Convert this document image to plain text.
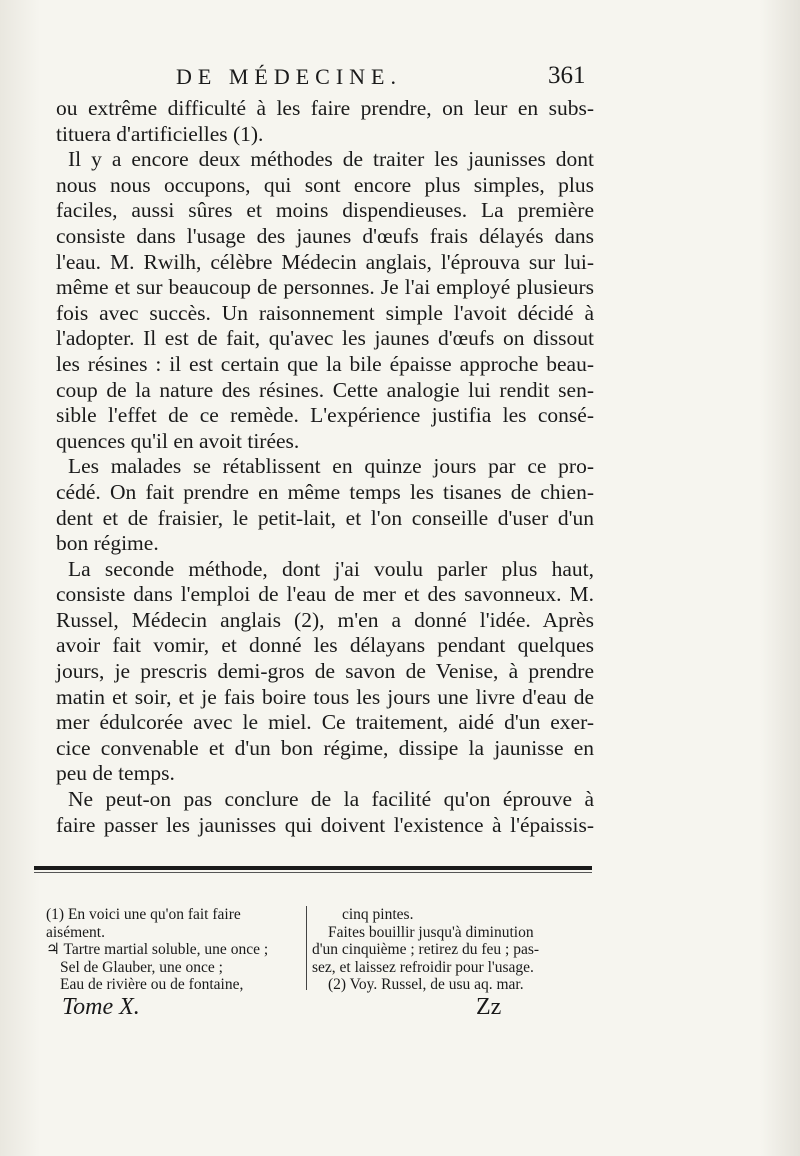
DE MÉDECINE.	361
ou extrême difficulté à les faire prendre, on leur en subs-
tituera d'artificielles (1).
Il y a encore deux méthodes de traiter les jaunisses dont
nous nous occupons, qui sont encore plus simples, plus
faciles, aussi sûres et moins dispendieuses. La première
consiste dans l'usage des jaunes d'œufs frais délayés dans
l'eau. M. Rwilh, célèbre Médecin anglais, l'éprouva sur lui-
même et sur beaucoup de personnes. Je l'ai employé plusieurs
fois avec succès. Un raisonnement simple l'avoit décidé à
l'adopter. Il est de fait, qu'avec les jaunes d'œufs on dissout
les résines : il est certain que la bile épaisse approche beau-
coup de la nature des résines. Cette analogie lui rendit sen-
sible l'effet de ce remède. L'expérience justifia les consé-
quences qu'il en avoit tirées.
Les malades se rétablissent en quinze jours par ce pro-
cédé. On fait prendre en même temps les tisanes de chien-
dent et de fraisier, le petit-lait, et l'on conseille d'user d'un
bon régime.
La seconde méthode, dont j'ai voulu parler plus haut,
consiste dans l'emploi de l'eau de mer et des savonneux. M.
Russel, Médecin anglais (2), m'en a donné l'idée. Après
avoir fait vomir, et donné les délayans pendant quelques
jours, je prescris demi-gros de savon de Venise, à prendre
matin et soir, et je fais boire tous les jours une livre d'eau de
mer édulcorée avec le miel. Ce traitement, aidé d'un exer-
cice convenable et d'un bon régime, dissipe la jaunisse en
peu de temps.
Ne peut-on pas conclure de la facilité qu'on éprouve à
faire passer les jaunisses qui doivent l'existence à l'épaissis-
(1) En voici une qu'on fait faire
aisément.
♃ Tartre martial soluble, une once ;
Sel de Glauber, une once ;
Eau de rivière ou de fontaine,
cinq pintes.
Faites bouillir jusqu'à diminution
d'un cinquième ; retirez du feu ; pas-
sez, et laissez refroidir pour l'usage.
(2) Voy. Russel, de usu aq. mar.
Tome X.	Zz
